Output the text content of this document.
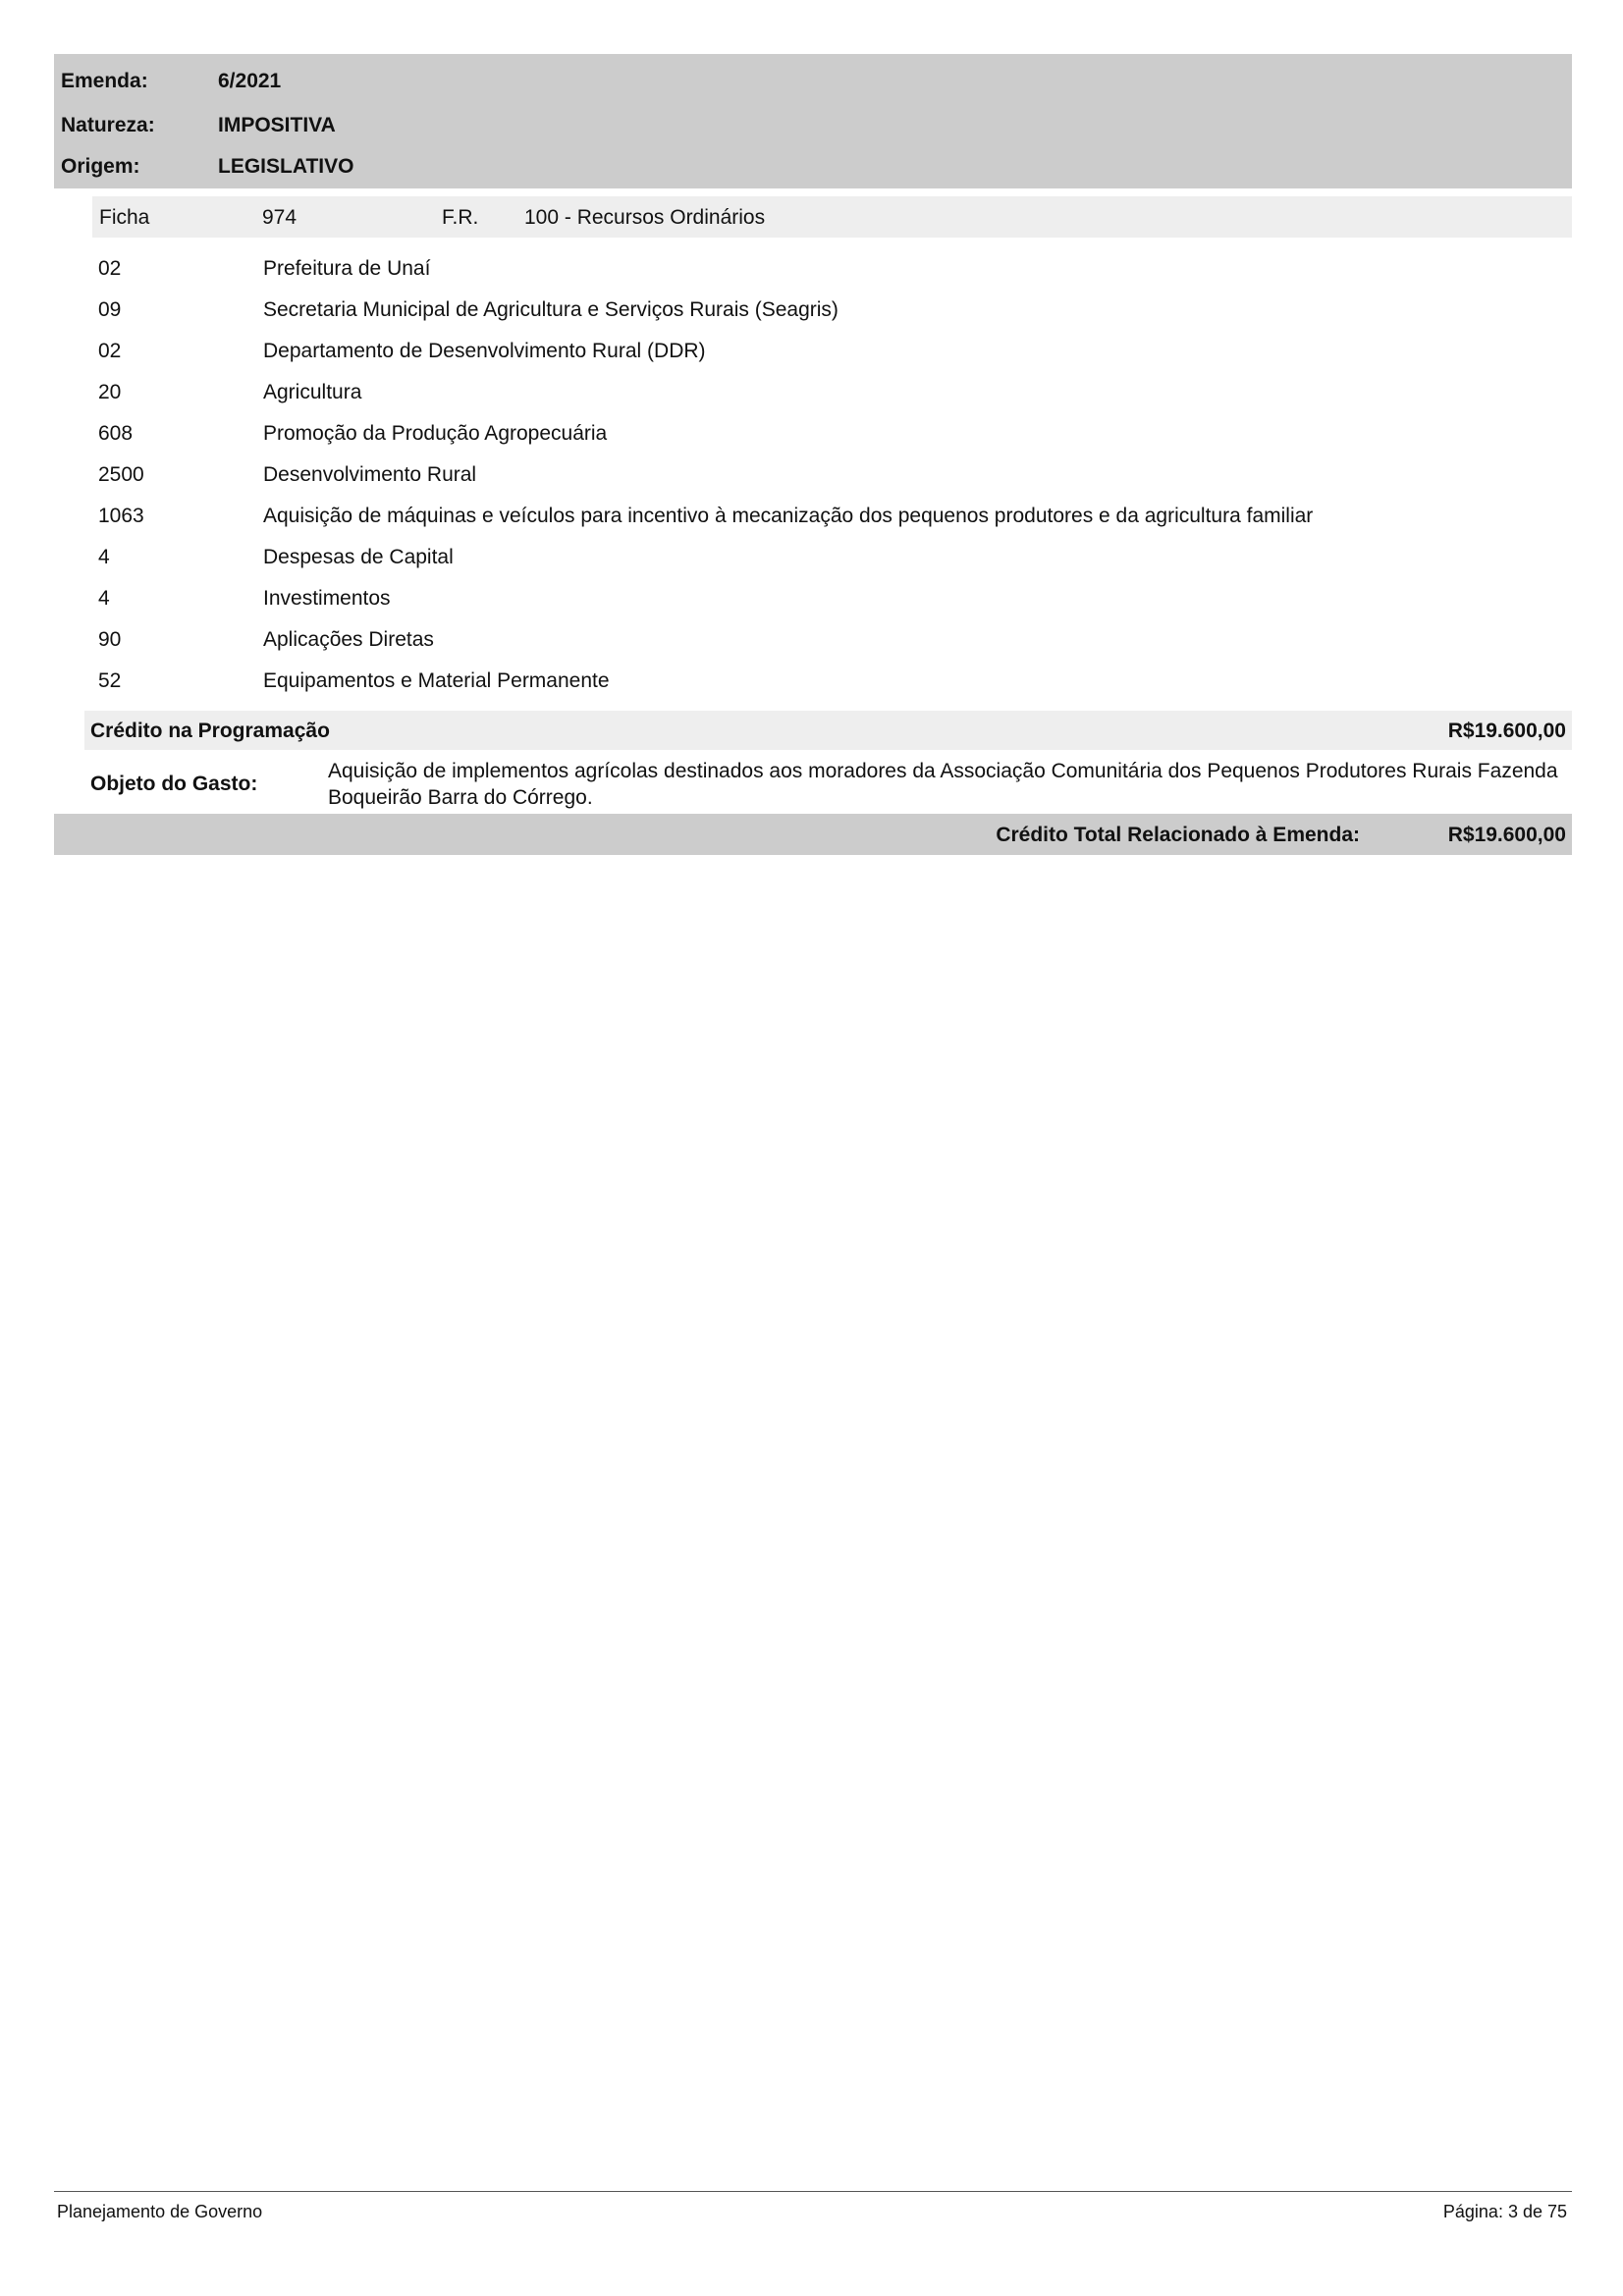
Emenda:	6/2021
Natureza:	IMPOSITIVA
Origem:	LEGISLATIVO
Ficha	974	F.R. 100 - Recursos Ordinários
02	Prefeitura de Unaí
09	Secretaria Municipal de Agricultura e Serviços Rurais (Seagris)
02	Departamento de Desenvolvimento Rural (DDR)
20	Agricultura
608	Promoção da Produção Agropecuária
2500	Desenvolvimento Rural
1063	Aquisição de máquinas e veículos para incentivo à mecanização dos pequenos produtores e da agricultura familiar
4	Despesas de Capital
4	Investimentos
90	Aplicações Diretas
52	Equipamentos e Material Permanente
Crédito na Programação	R$19.600,00
Objeto do Gasto:
Aquisição de implementos agrícolas destinados aos moradores da Associação Comunitária dos Pequenos Produtores Rurais Fazenda Boqueirão Barra do Córrego.
Crédito Total Relacionado à Emenda:	R$19.600,00
Planejamento de Governo	Página: 3 de 75
